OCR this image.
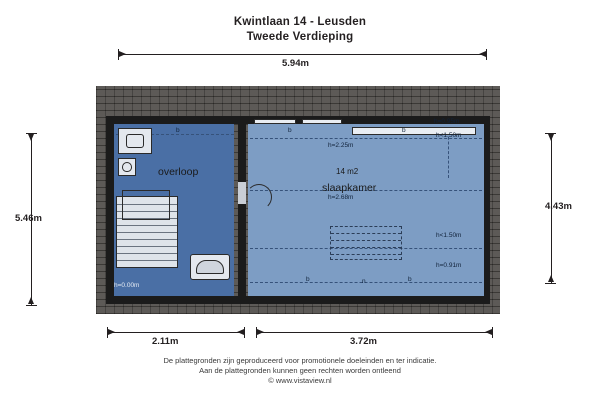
Kwintlaan 14 - Leusden
Tweede Verdieping
5.94m
5.46m
4.43m
2.11m	3.72m
overloop	14 m2
slaapkamer
h=0.00m
h=2.25m
h=2.68m
h=0.95m
h<1.50m
h<1.50m
h=0.91m
b	b	b
b	b
n
De plattegronden zijn geproduceerd voor promotionele doeleinden en ter indicatie.
Aan de plattegronden kunnen geen rechten worden ontleend
© www.vistaview.nl
